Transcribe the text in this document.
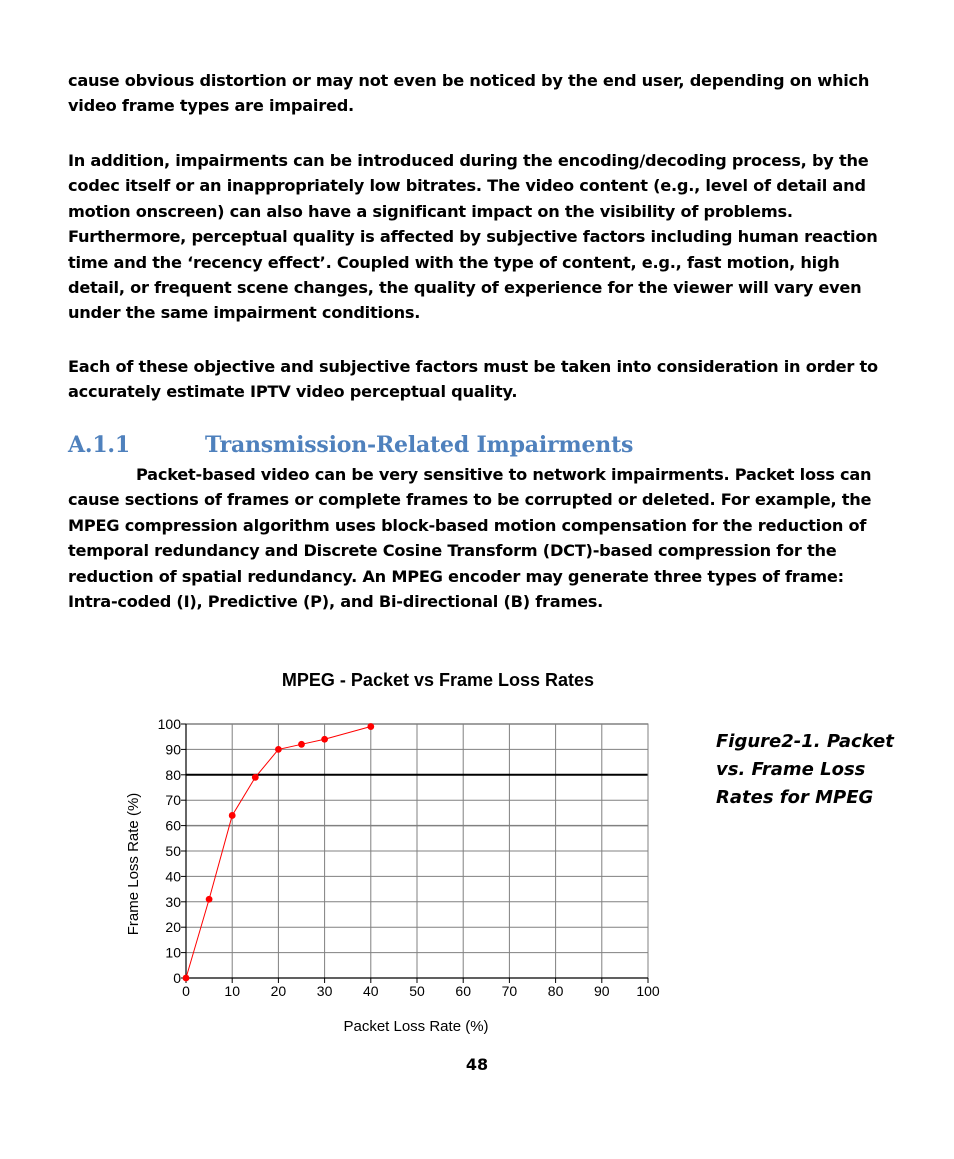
cause obvious distortion or may not even be noticed by the end user, depending on which video frame types are impaired.

In addition, impairments can be introduced during the encoding/decoding process, by the codec itself or an inappropriately low bitrates. The video content (e.g., level of detail and motion onscreen) can also have a significant impact on the visibility of problems. Furthermore, perceptual quality is affected by subjective factors including human reaction time and the ‘recency effect’. Coupled with the type of content, e.g., fast motion, high detail, or frequent scene changes, the quality of experience for the viewer will vary even under the same impairment conditions.

Each of these objective and subjective factors must be taken into consideration in order to accurately estimate IPTV video perceptual quality.

A.1.1	Transmission-Related Impairments

Packet-based video can be very sensitive to network impairments. Packet loss can cause sections of frames or complete frames to be corrupted or deleted. For example, the MPEG compression algorithm uses block-based motion compensation for the reduction of temporal redundancy and Discrete Cosine Transform (DCT)-based compression for the reduction of spatial redundancy. An MPEG encoder may generate three types of frame: Intra-coded (I), Predictive (P), and Bi-directional (B) frames.

MPEG - Packet vs Frame Loss Rates
0 10 20 30 40 50 60 70 80 90 100
0
10
20
30
40
50
60
70
80
90
100
Packet Loss Rate (%)
Frame Loss Rate (%)

Figure2-1. Packet vs. Frame Loss Rates for MPEG

48
